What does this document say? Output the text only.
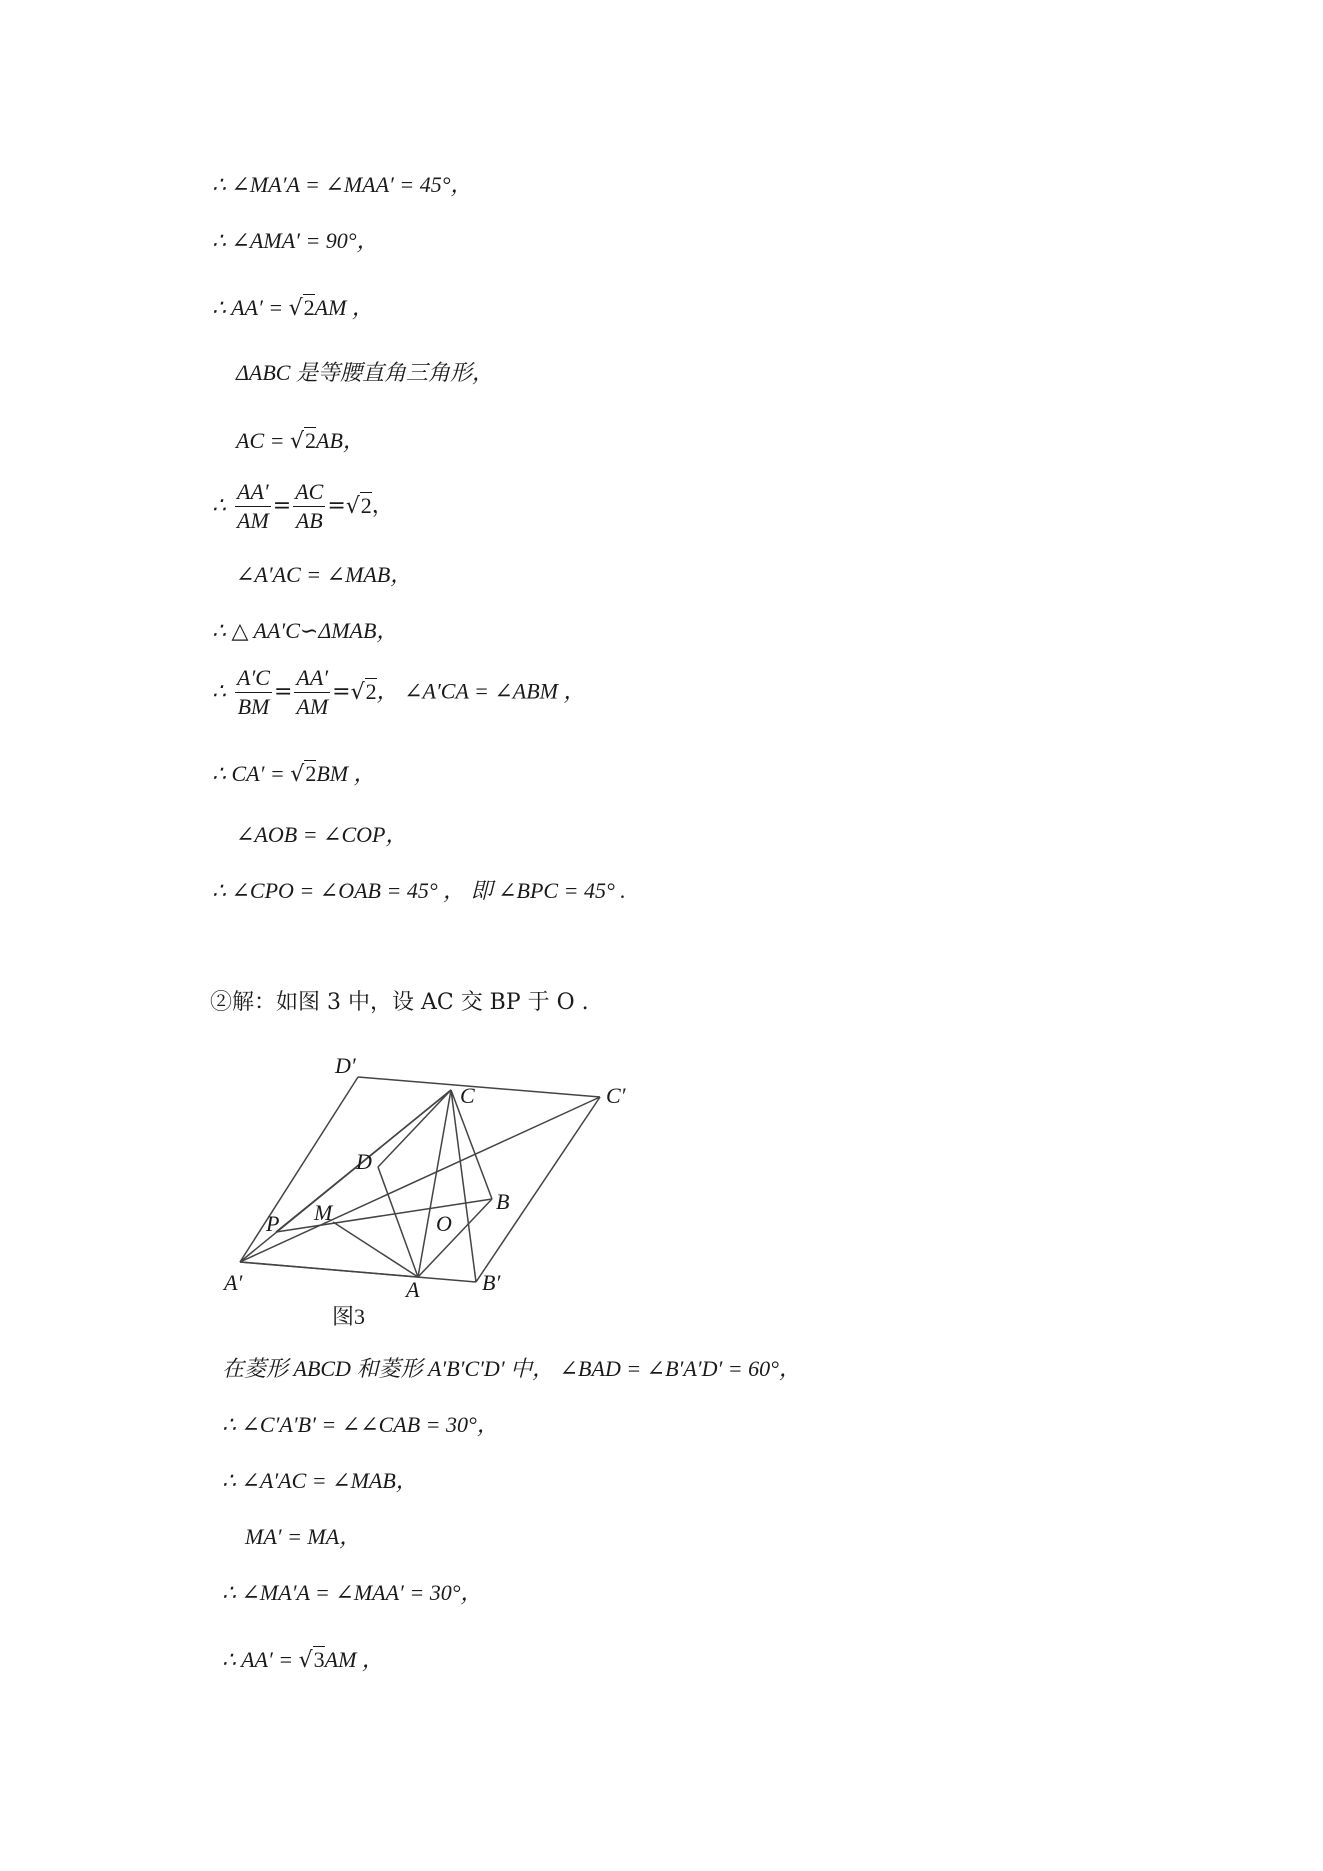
∴ ∠MA′A = ∠MAA′ = 45°，
∴ ∠AMA′ = 90°，
∴ AA′ = √2AM ，
ΔABC 是等腰直角三角形，
AC = √2AB，
∴ $\frac{AA'}{AM} = \frac{AC}{AB} =√2$，
∠A′AC = ∠MAB，
∴ △ AA′C∽ΔMAB，
∴ $\frac{A'C}{BM} = \frac{AA'}{AM} =√2$， ∠A′CA = ∠ABM ，
∴ CA′ = √2BM ，
∠AOB = ∠COP，
∴ ∠CPO = ∠OAB = 45° ， 即 ∠BPC = 45° .
②解：如图 3 中，设 AC 交 BP 于 O .
D′
C	C′
D
B
P M	O
A′	A	B′
图3
在菱形 ABCD 和菱形 A′B′C′D′ 中， ∠BAD = ∠B′A′D′ = 60°，
∴ ∠C′A′B′ = ∠∠CAB = 30°，
∴ ∠A′AC = ∠MAB，
MA′ = MA，
∴ ∠MA′A = ∠MAA′ = 30°，
∴ AA′ = √3AM ，
